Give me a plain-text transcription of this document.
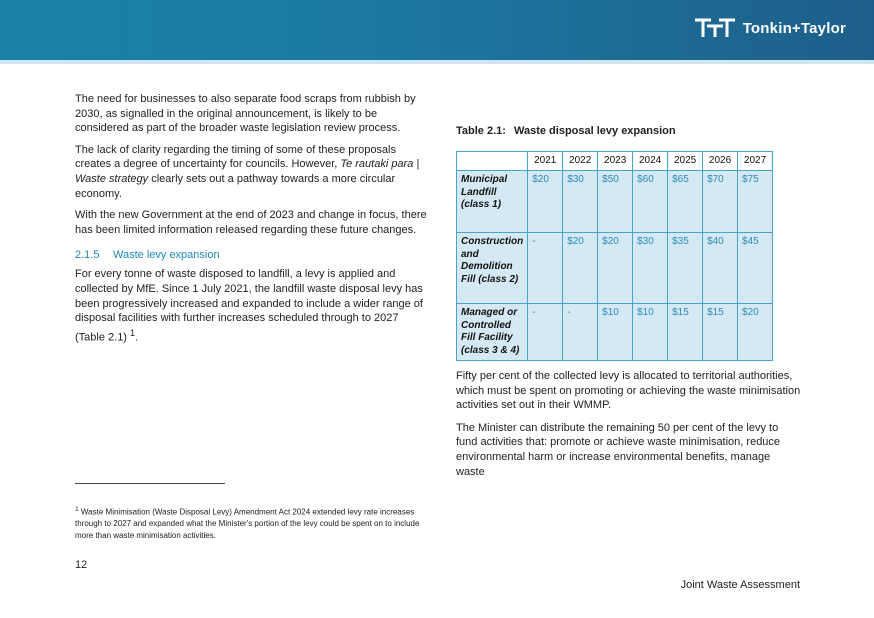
Tonkin+Taylor

The need for businesses to also separate food scraps from rubbish by 2030, as signalled in the original announcement, is likely to be considered as part of the broader waste legislation review process.

The lack of clarity regarding the timing of some of these proposals creates a degree of uncertainty for councils. However, Te rautaki para | Waste strategy clearly sets out a pathway towards a more circular economy.

With the new Government at the end of 2023 and change in focus, there has been limited information released regarding these future changes.

2.1.5 Waste levy expansion

For every tonne of waste disposed to landfill, a levy is applied and collected by MfE. Since 1 July 2021, the landfill waste disposal levy has been progressively increased and expanded to include a wider range of disposal facilities with further increases scheduled through to 2027 (Table 2.1) $^1$.

Table 2.1: Waste disposal levy expansion
	2021	2022	2023	2024	2025	2026	2027
Municipal Landfill (class 1)	$20	$30	$50	$60	$65	$70	$75
Construction and Demolition Fill (class 2)	-	$20	$20	$30	$35	$40	$45
Managed or Controlled Fill Facility (class 3 & 4)	-	-	$10	$10	$15	$15	$20

Fifty per cent of the collected levy is allocated to territorial authorities, which must be spent on promoting or achieving the waste minimisation activities set out in their WMMP.

The Minister can distribute the remaining 50 per cent of the levy to fund activities that: promote or achieve waste minimisation, reduce environmental harm or increase environmental benefits, manage waste

$^1$ Waste Minimisation (Waste Disposal Levy) Amendment Act 2024 extended levy rate increases through to 2027 and expanded what the Minister's portion of the levy could be spent on to include more than waste minimisation activities.
12
Joint Waste Assessment
